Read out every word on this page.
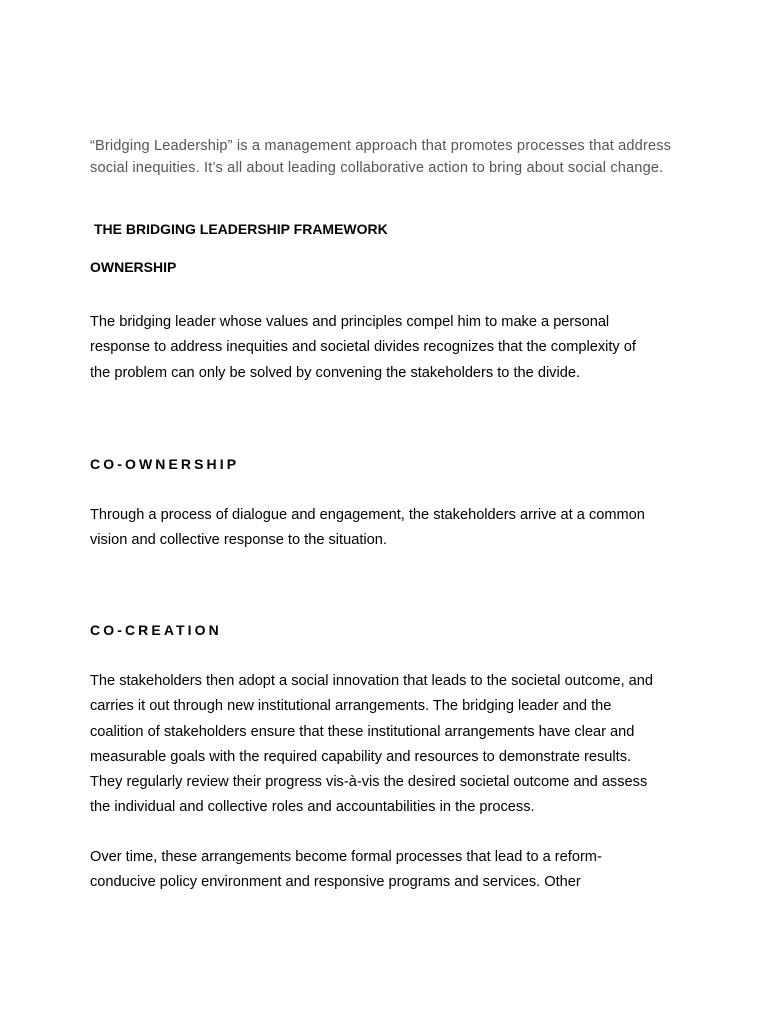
“Bridging Leadership” is a management approach that promotes processes that address
social inequities. It’s all about leading collaborative action to bring about social change.

THE BRIDGING LEADERSHIP FRAMEWORK
OWNERSHIP

The bridging leader whose values and principles compel him to make a personal
response to address inequities and societal divides recognizes that the complexity of
the problem can only be solved by convening the stakeholders to the divide.

CO-OWNERSHIP

Through a process of dialogue and engagement, the stakeholders arrive at a common
vision and collective response to the situation.

CO-CREATION

The stakeholders then adopt a social innovation that leads to the societal outcome, and
carries it out through new institutional arrangements. The bridging leader and the
coalition of stakeholders ensure that these institutional arrangements have clear and
measurable goals with the required capability and resources to demonstrate results.
They regularly review their progress vis-à-vis the desired societal outcome and assess
the individual and collective roles and accountabilities in the process.

Over time, these arrangements become formal processes that lead to a reform-
conducive policy environment and responsive programs and services. Other
